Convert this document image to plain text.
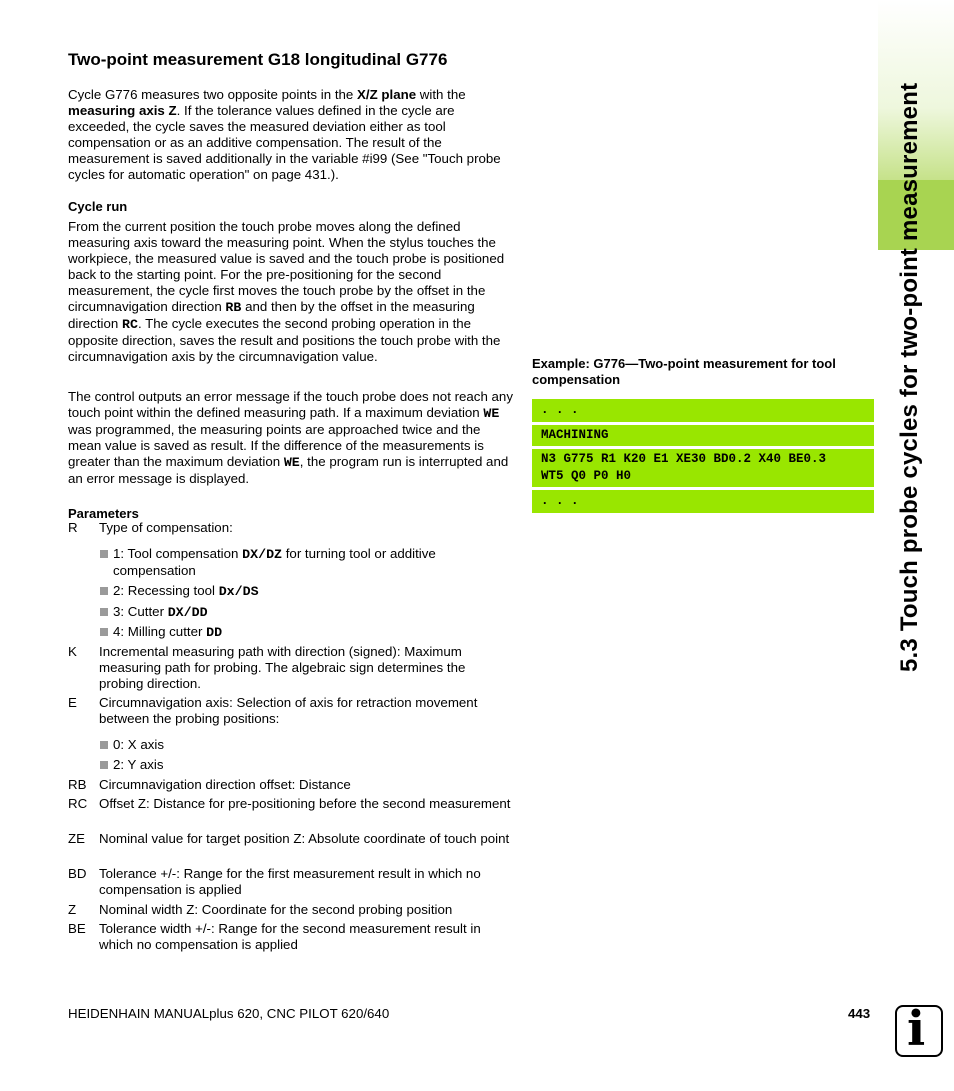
Two-point measurement G18 longitudinal G776

Cycle G776 measures two opposite points in the X/Z plane with the measuring axis Z. If the tolerance values defined in the cycle are exceeded, the cycle saves the measured deviation either as tool compensation or as an additive compensation. The result of the measurement is saved additionally in the variable #i99 (See "Touch probe cycles for automatic operation" on page 431.).

Cycle run

From the current position the touch probe moves along the defined measuring axis toward the measuring point. When the stylus touches the workpiece, the measured value is saved and the touch probe is positioned back to the starting point. For the pre-positioning for the second measurement, the cycle first moves the touch probe by the offset in the circumnavigation direction RB and then by the offset in the measuring direction RC. The cycle executes the second probing operation in the opposite direction, saves the result and positions the touch probe with the circumnavigation axis by the circumnavigation value.

The control outputs an error message if the touch probe does not reach any touch point within the defined measuring path. If a maximum deviation WE was programmed, the measuring points are approached twice and the mean value is saved as result. If the difference of the measurements is greater than the maximum deviation WE, the program run is interrupted and an error message is displayed.

Parameters
R Type of compensation:
1: Tool compensation DX/DZ for turning tool or additive compensation
2: Recessing tool Dx/DS
3: Cutter DX/DD
4: Milling cutter DD
K Incremental measuring path with direction (signed): Maximum measuring path for probing. The algebraic sign determines the probing direction.
E Circumnavigation axis: Selection of axis for retraction movement between the probing positions:
0: X axis
2: Y axis
RB Circumnavigation direction offset: Distance
RC Offset Z: Distance for pre-positioning before the second measurement
ZE Nominal value for target position Z: Absolute coordinate of touch point
BD Tolerance +/-: Range for the first measurement result in which no compensation is applied
Z Nominal width Z: Coordinate for the second probing position
BE Tolerance width +/-: Range for the second measurement result in which no compensation is applied

Example: G776—Two-point measurement for tool compensation

. . .
MACHINING
N3 G775 R1 K20 E1 XE30 BD0.2 X40 BE0.3
WT5 Q0 P0 H0
. . .	5.3 Touch probe cycles for two-point measurement
HEIDENHAIN MANUALplus 620, CNC PILOT 620/640	443 i
